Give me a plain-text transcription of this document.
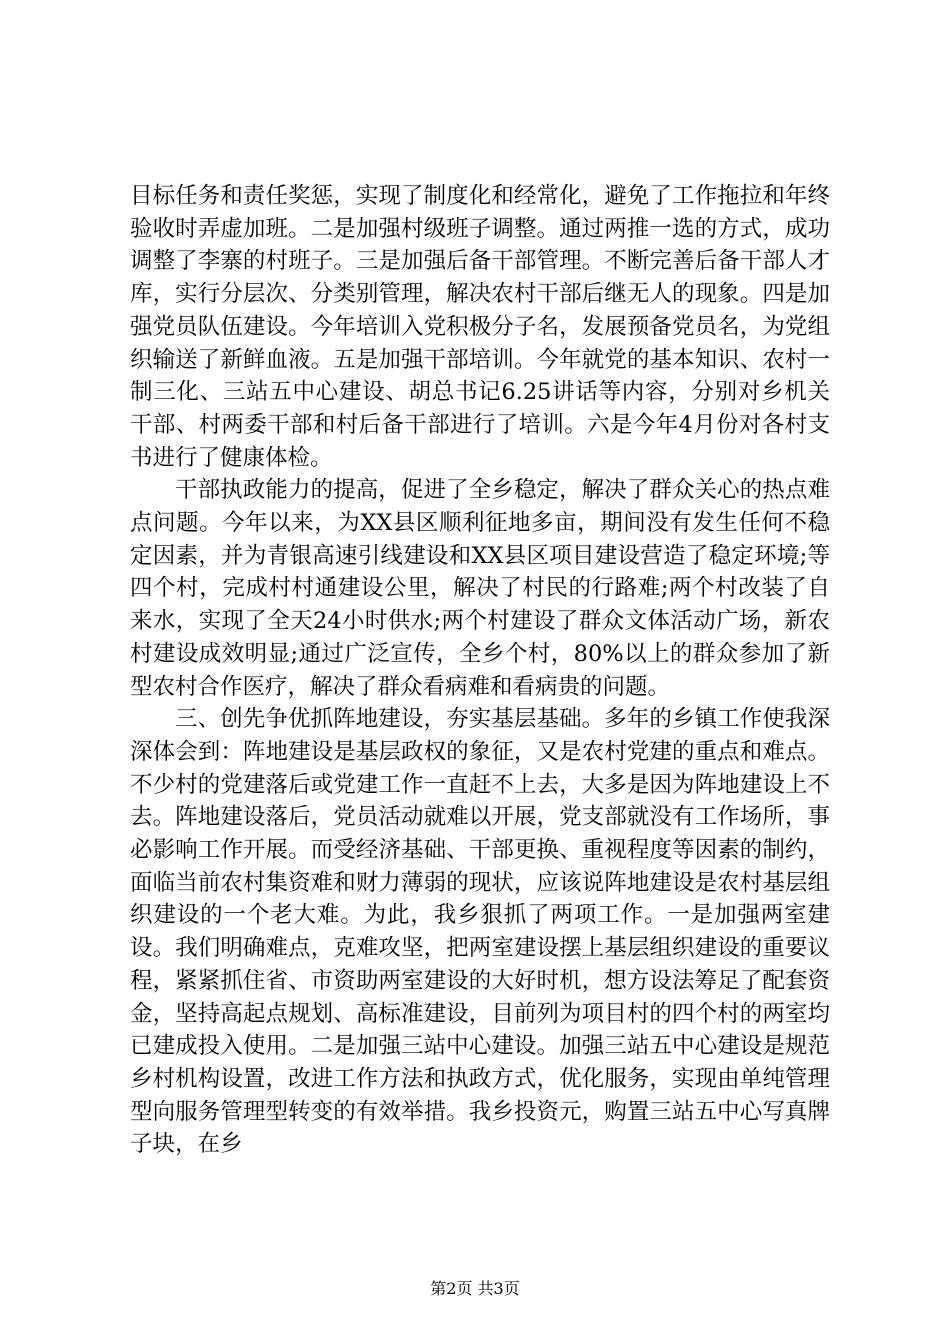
目标任务和责任奖惩，实现了制度化和经常化，避免了工作拖拉和年终验收时弄虚加班。二是加强村级班子调整。通过两推一选的方式，成功调整了李寨的村班子。三是加强后备干部管理。不断完善后备干部人才库，实行分层次、分类别管理，解决农村干部后继无人的现象。四是加强党员队伍建设。今年培训入党积极分子名，发展预备党员名，为党组织输送了新鲜血液。五是加强干部培训。今年就党的基本知识、农村一制三化、三站五中心建设、胡总书记6.25讲话等内容，分别对乡机关干部、村两委干部和村后备干部进行了培训。六是今年4月份对各村支书进行了健康体检。

干部执政能力的提高，促进了全乡稳定，解决了群众关心的热点难点问题。今年以来，为XX县区顺利征地多亩，期间没有发生任何不稳定因素，并为青银高速引线建设和XX县区项目建设营造了稳定环境;等四个村，完成村村通建设公里，解决了村民的行路难;两个村改装了自来水，实现了全天24小时供水;两个村建设了群众文体活动广场，新农村建设成效明显;通过广泛宣传，全乡个村，80%以上的群众参加了新型农村合作医疗，解决了群众看病难和看病贵的问题。

三、创先争优抓阵地建设，夯实基层基础。多年的乡镇工作使我深深体会到：阵地建设是基层政权的象征，又是农村党建的重点和难点。不少村的党建落后或党建工作一直赶不上去，大多是因为阵地建设上不去。阵地建设落后，党员活动就难以开展，党支部就没有工作场所，事必影响工作开展。而受经济基础、干部更换、重视程度等因素的制约，面临当前农村集资难和财力薄弱的现状，应该说阵地建设是农村基层组织建设的一个老大难。为此，我乡狠抓了两项工作。一是加强两室建设。我们明确难点，克难攻坚，把两室建设摆上基层组织建设的重要议程，紧紧抓住省、市资助两室建设的大好时机，想方设法筹足了配套资金，坚持高起点规划、高标准建设，目前列为项目村的四个村的两室均已建成投入使用。二是加强三站中心建设。加强三站五中心建设是规范乡村机构设置，改进工作方法和执政方式，优化服务，实现由单纯管理型向服务管理型转变的有效举措。我乡投资元，购置三站五中心写真牌子块，在乡

第2页 共3页
